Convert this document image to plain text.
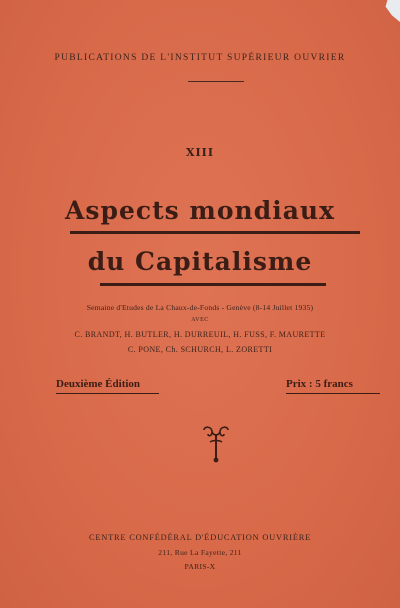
PUBLICATIONS DE L'INSTITUT SUPÉRIEUR OUVRIER
XIII
Aspects mondiaux
du Capitalisme
Semaine d'Etudes de La Chaux-de-Fonds - Genève (8-14 Juillet 1935)
AVEC
C. BRANDT, H. BUTLER, H. DURREUIL, H. FUSS, F. MAURETTE
C. PONE, Ch. SCHURCH, L. ZORETTI
Deuxième Édition	Prix : 5 francs
CENTRE CONFÉDÉRAL D'ÉDUCATION OUVRIÈRE
211, Rue La Fayette, 211
PARIS-X
